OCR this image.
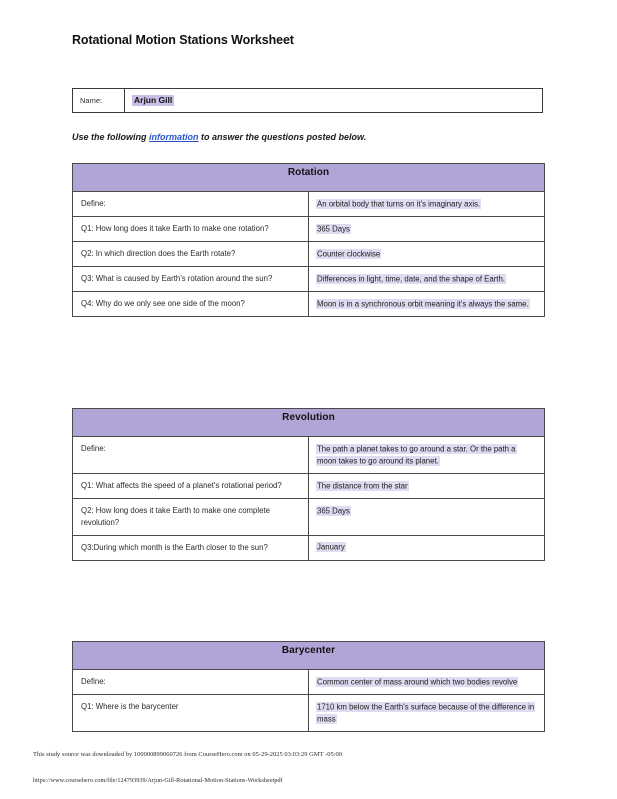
Rotational Motion Stations Worksheet
Name:	Arjun Gill
Use the following information to answer the questions posted below.
Rotation	
Define:	An orbital body that turns on it's imaginary axis.
Q1: How long does it take Earth to make one rotation?	365 Days
Q2: In which direction does the Earth rotate?	Counter clockwise
Q3: What is caused by Earth's rotation around the sun?	Differences in light, time, date, and the shape of Earth.
Q4: Why do we only see one side of the moon?	Moon is in a synchronous orbit meaning it's always the same.
Revolution	
Define:	The path a planet takes to go around a star. Or the path a moon takes to go around its planet.
Q1: What affects the speed of a planet's rotational period?	The distance from the star
Q2: How long does it take Earth to make one complete revolution?	365 Days
Q3:During which month is the Earth closer to the sun?	January
Barycenter	
Define:	Common center of mass around which two bodies revolve
Q1: Where is the barycenter	1710 km below the Earth's surface because of the difference in mass
This study source was downloaded by 100000899060726 from CourseHero.com on 05-29-2025 03:03:29 GMT -05:00
https://www.coursehero.com/file/124793939/Arjun-Gill-Rotational-Motion-Stations-Worksheetpdf
